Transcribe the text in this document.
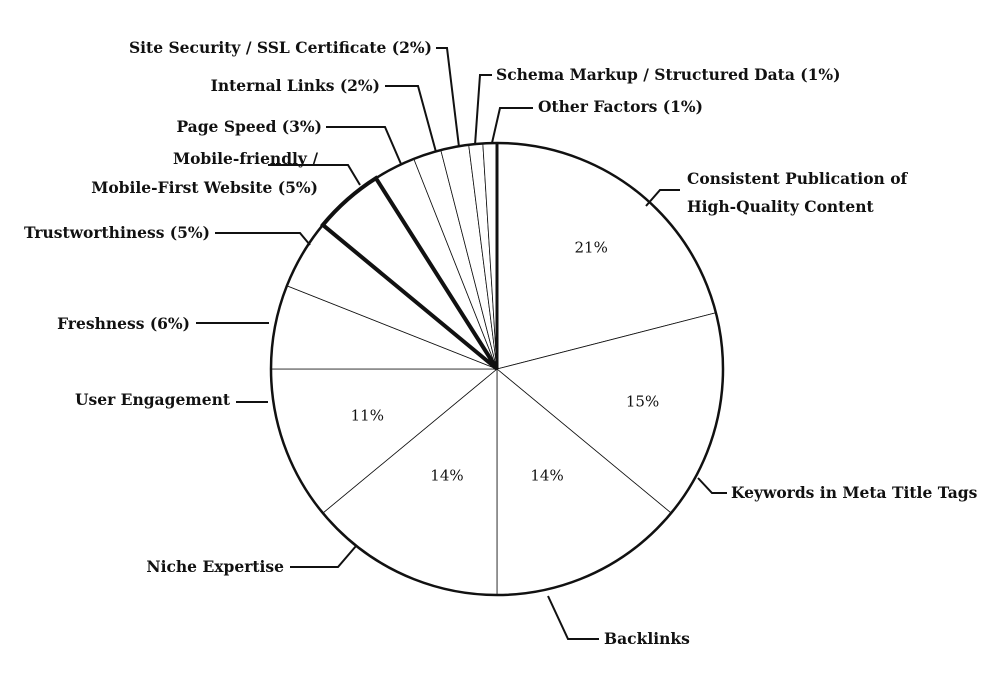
21%
Consistent Publication of
High-Quality Content
15%
Keywords in Meta Title Tags
14%
Backlinks
14%
Niche Expertise
11%
User Engagement
Freshness (6%)
Trustworthiness (5%)
Mobile-friendly /
Mobile-First Website (5%)
Page Speed (3%)
Internal Links (2%)
Site Security / SSL Certificate (2%)
Schema Markup / Structured Data (1%)
Other Factors (1%)
